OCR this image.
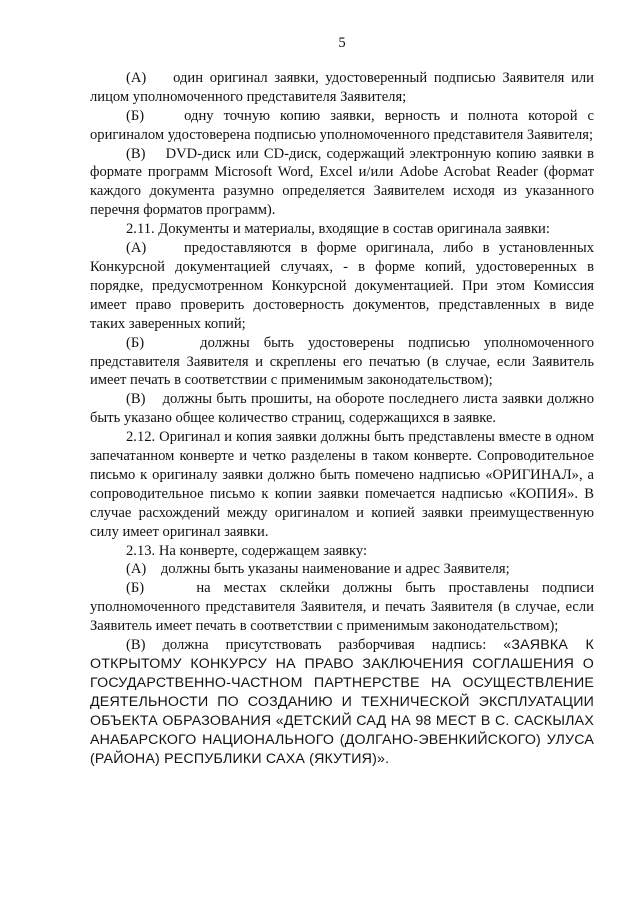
5

(А)    один оригинал заявки, удостоверенный подписью Заявителя или лицом уполномоченного представителя Заявителя;

(Б)    одну точную копию заявки, верность и полнота которой с оригиналом удостоверена подписью уполномоченного представителя Заявителя;

(В)    DVD-диск или CD-диск, содержащий электронную копию заявки в формате программ Microsoft Word, Excel и/или Adobe Acrobat Reader (формат каждого документа разумно определяется Заявителем исходя из указанного перечня форматов программ).

2.11. Документы и материалы, входящие в состав оригинала заявки:

(А)    предоставляются в форме оригинала, либо в установленных Конкурсной документацией случаях, - в форме копий, удостоверенных в порядке, предусмотренном Конкурсной документацией. При этом Комиссия имеет право проверить достоверность документов, представленных в виде таких заверенных копий;

(Б)    должны быть удостоверены подписью уполномоченного представителя Заявителя и скреплены его печатью (в случае, если Заявитель имеет печать в соответствии с применимым законодательством);

(В)    должны быть прошиты, на обороте последнего листа заявки должно быть указано общее количество страниц, содержащихся в заявке.

2.12. Оригинал и копия заявки должны быть представлены вместе в одном запечатанном конверте и четко разделены в таком конверте. Сопроводительное письмо к оригиналу заявки должно быть помечено надписью «ОРИГИНАЛ», а сопроводительное письмо к копии заявки помечается надписью «КОПИЯ». В случае расхождений между оригиналом и копией заявки преимущественную силу имеет оригинал заявки.

2.13. На конверте, содержащем заявку:

(А)    должны быть указаны наименование и адрес Заявителя;

(Б)    на местах склейки должны быть проставлены подписи уполномоченного представителя Заявителя, и печать Заявителя (в случае, если Заявитель имеет печать в соответствии с применимым законодательством);

(В) должна присутствовать разборчивая надпись: «ЗАЯВКА К ОТКРЫТОМУ КОНКУРСУ НА ПРАВО ЗАКЛЮЧЕНИЯ СОГЛАШЕНИЯ О ГОСУДАРСТВЕННО-ЧАСТНОМ ПАРТНЕРСТВЕ НА ОСУЩЕСТВЛЕНИЕ ДЕЯТЕЛЬНОСТИ ПО СОЗДАНИЮ И ТЕХНИЧЕСКОЙ ЭКСПЛУАТАЦИИ ОБЪЕКТА ОБРАЗОВАНИЯ «ДЕТСКИЙ САД НА 98 МЕСТ В С. САСКЫЛАХ АНАБАРСКОГО НАЦИОНАЛЬНОГО (ДОЛГАНО-ЭВЕНКИЙСКОГО) УЛУСА (РАЙОНА) РЕСПУБЛИКИ САХА (ЯКУТИЯ)».
